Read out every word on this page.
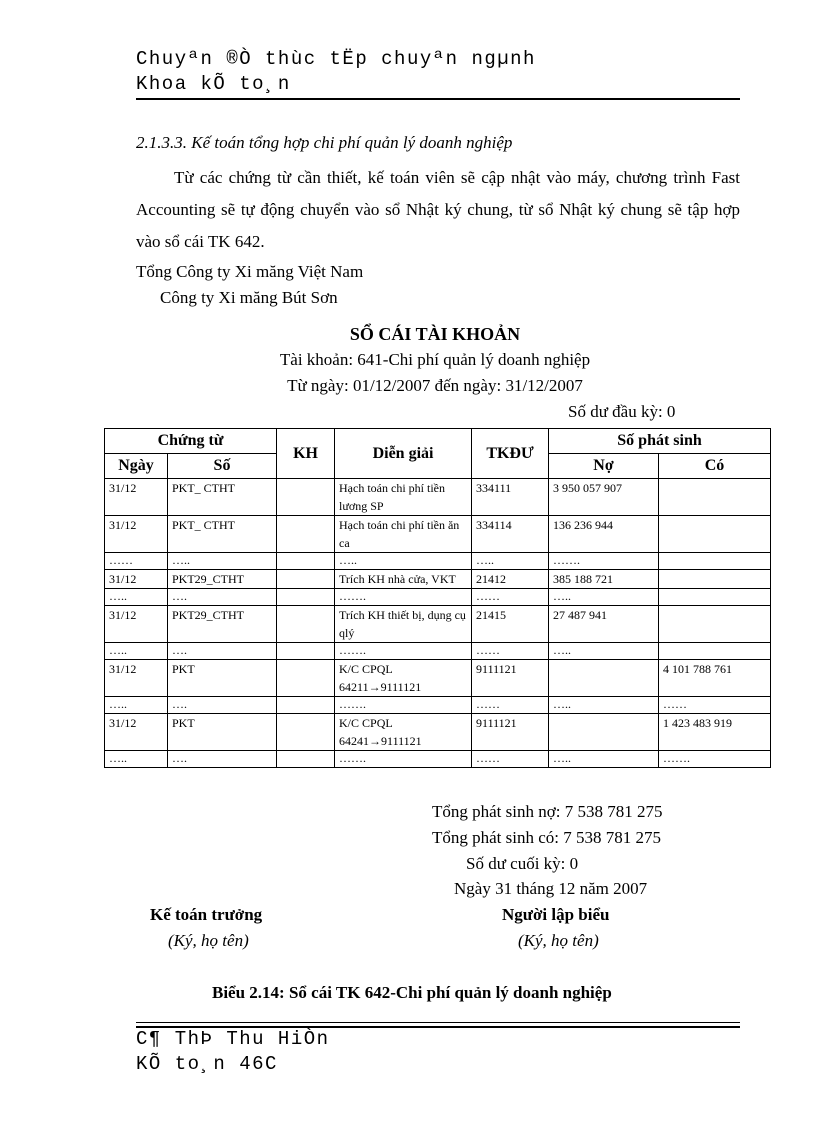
Chuyªn ®Ò thùc tËp chuyªn ngµnh
Khoa kÕ to¸n
2.1.3.3. Kế toán tổng hợp chi phí quản lý doanh nghiệp
Từ các chứng từ cần thiết, kế toán viên sẽ cập nhật vào máy, chương trình Fast Accounting sẽ tự động chuyển vào sổ Nhật ký chung, từ sổ Nhật ký chung sẽ tập hợp vào sổ cái TK 642.
Tổng Công ty Xi măng Việt Nam
Công ty Xi măng Bút Sơn
SỔ CÁI TÀI KHOẢN
Tài khoản: 641-Chi phí quản lý doanh nghiệp
Từ ngày: 01/12/2007 đến ngày: 31/12/2007
Số dư đầu kỳ: 0
Chứng từ		KH	Diễn giải	TKĐƯ	Số phát sinh	
Ngày	Số				Nợ	Có
31/12	PKT_ CTHT		Hạch toán chi phí tiền lương SP	334111	3 950 057 907	
31/12	PKT_ CTHT		Hạch toán chi phí tiền ăn ca	334114	136 236 944	
……	…..		…..	…..	…….	
31/12	PKT29_CTHT		Trích KH nhà cửa, VKT	21412	385 188 721	
…..	….		…….	……	…..	
31/12	PKT29_CTHT		Trích KH thiết bị, dụng cụ qlý	21415	27 487 941	
…..	….		…….	……	…..	
31/12	PKT		K/C CPQL 64211→9111121	9111121		4 101 788 761
…..	….		…….	……	…..	……
31/12	PKT		K/C CPQL 64241→9111121	9111121		1 423 483 919
…..	….		…….	……	…..	…….
Tổng phát sinh nợ: 7 538 781 275
Tổng phát sinh có: 7 538 781 275
Số dư cuối kỳ: 0
Ngày 31 tháng 12 năm 2007
Kế toán trưởng
(Ký, họ tên)
Người lập biểu
(Ký, họ tên)
Biểu 2.14: Sổ cái TK 642-Chi phí quản lý doanh nghiệp
C¶ ThÞ Thu HiÒn
KÕ to¸n 46C
